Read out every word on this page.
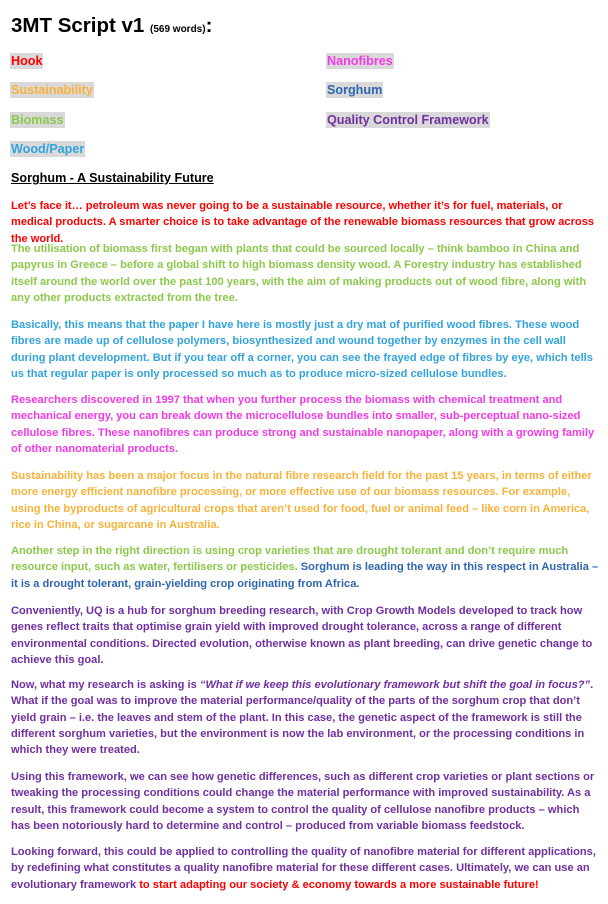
3MT Script v1 (569 words):
Hook
Sustainability
Biomass
Wood/Paper
Nanofibres
Sorghum
Quality Control Framework
Sorghum - A Sustainability Future
Let’s face it… petroleum was never going to be a sustainable resource, whether it’s for fuel, materials, or medical products. A smarter choice is to take advantage of the renewable biomass resources that grow across the world.
The utilisation of biomass first began with plants that could be sourced locally – think bamboo in China and papyrus in Greece – before a global shift to high biomass density wood. A Forestry industry has established itself around the world over the past 100 years, with the aim of making products out of wood fibre, along with any other products extracted from the tree.
Basically, this means that the paper I have here is mostly just a dry mat of purified wood fibres. These wood fibres are made up of cellulose polymers, biosynthesized and wound together by enzymes in the cell wall during plant development. But if you tear off a corner, you can see the frayed edge of fibres by eye, which tells us that regular paper is only processed so much as to produce micro-sized cellulose bundles.
Researchers discovered in 1997 that when you further process the biomass with chemical treatment and mechanical energy, you can break down the microcellulose bundles into smaller, sub-perceptual nano-sized cellulose fibres. These nanofibres can produce strong and sustainable nanopaper, along with a growing family of other nanomaterial products.
Sustainability has been a major focus in the natural fibre research field for the past 15 years, in terms of either more energy efficient nanofibre processing, or more effective use of our biomass resources. For example, using the byproducts of agricultural crops that aren’t used for food, fuel or animal feed – like corn in America, rice in China, or sugarcane in Australia.
Another step in the right direction is using crop varieties that are drought tolerant and don’t require much resource input, such as water, fertilisers or pesticides. Sorghum is leading the way in this respect in Australia – it is a drought tolerant, grain-yielding crop originating from Africa.
Conveniently, UQ is a hub for sorghum breeding research, with Crop Growth Models developed to track how genes reflect traits that optimise grain yield with improved drought tolerance, across a range of different environmental conditions. Directed evolution, otherwise known as plant breeding, can drive genetic change to achieve this goal.
Now, what my research is asking is “What if we keep this evolutionary framework but shift the goal in focus?”. What if the goal was to improve the material performance/quality of the parts of the sorghum crop that don’t yield grain – i.e. the leaves and stem of the plant. In this case, the genetic aspect of the framework is still the different sorghum varieties, but the environment is now the lab environment, or the processing conditions in which they were treated.
Using this framework, we can see how genetic differences, such as different crop varieties or plant sections or tweaking the processing conditions could change the material performance with improved sustainability. As a result, this framework could become a system to control the quality of cellulose nanofibre products – which has been notoriously hard to determine and control – produced from variable biomass feedstock.
Looking forward, this could be applied to controlling the quality of nanofibre material for different applications, by redefining what constitutes a quality nanofibre material for these different cases. Ultimately, we can use an evolutionary framework to start adapting our society & economy towards a more sustainable future!
